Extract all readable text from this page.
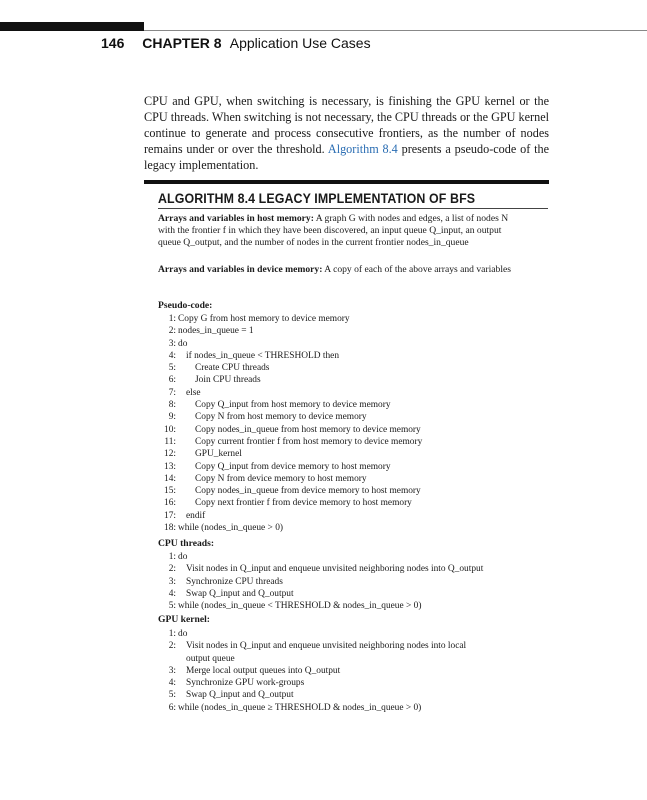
146 CHAPTER 8 Application Use Cases

CPU and GPU, when switching is necessary, is finishing the GPU kernel or the CPU threads. When switching is not necessary, the CPU threads or the GPU kernel continue to generate and process consecutive frontiers, as the number of nodes remains under or over the threshold. Algorithm 8.4 presents a pseudo-code of the legacy implementation.

ALGORITHM 8.4 LEGACY IMPLEMENTATION OF BFS

Arrays and variables in host memory: A graph G with nodes and edges, a list of nodes N with the frontier f in which they have been discovered, an input queue Q_input, an output queue Q_output, and the number of nodes in the current frontier nodes_in_queue

Arrays and variables in device memory: A copy of each of the above arrays and variables

Pseudo-code:
1: Copy G from host memory to device memory
2: nodes_in_queue = 1
3: do
4: if nodes_in_queue < THRESHOLD then
5: Create CPU threads
6: Join CPU threads
7: else
8: Copy Q_input from host memory to device memory
9: Copy N from host memory to device memory
10: Copy nodes_in_queue from host memory to device memory
11: Copy current frontier f from host memory to device memory
12: GPU_kernel
13: Copy Q_input from device memory to host memory
14: Copy N from device memory to host memory
15: Copy nodes_in_queue from device memory to host memory
16: Copy next frontier f from device memory to host memory
17: endif
18: while (nodes_in_queue > 0)
CPU threads:
1: do
2: Visit nodes in Q_input and enqueue unvisited neighboring nodes into Q_output
3: Synchronize CPU threads
4: Swap Q_input and Q_output
5: while (nodes_in_queue < THRESHOLD & nodes_in_queue > 0)
GPU kernel:
1: do
2: Visit nodes in Q_input and enqueue unvisited neighboring nodes into local
output queue
3: Merge local output queues into Q_output
4: Synchronize GPU work-groups
5: Swap Q_input and Q_output
6: while (nodes_in_queue ≥ THRESHOLD & nodes_in_queue > 0)
